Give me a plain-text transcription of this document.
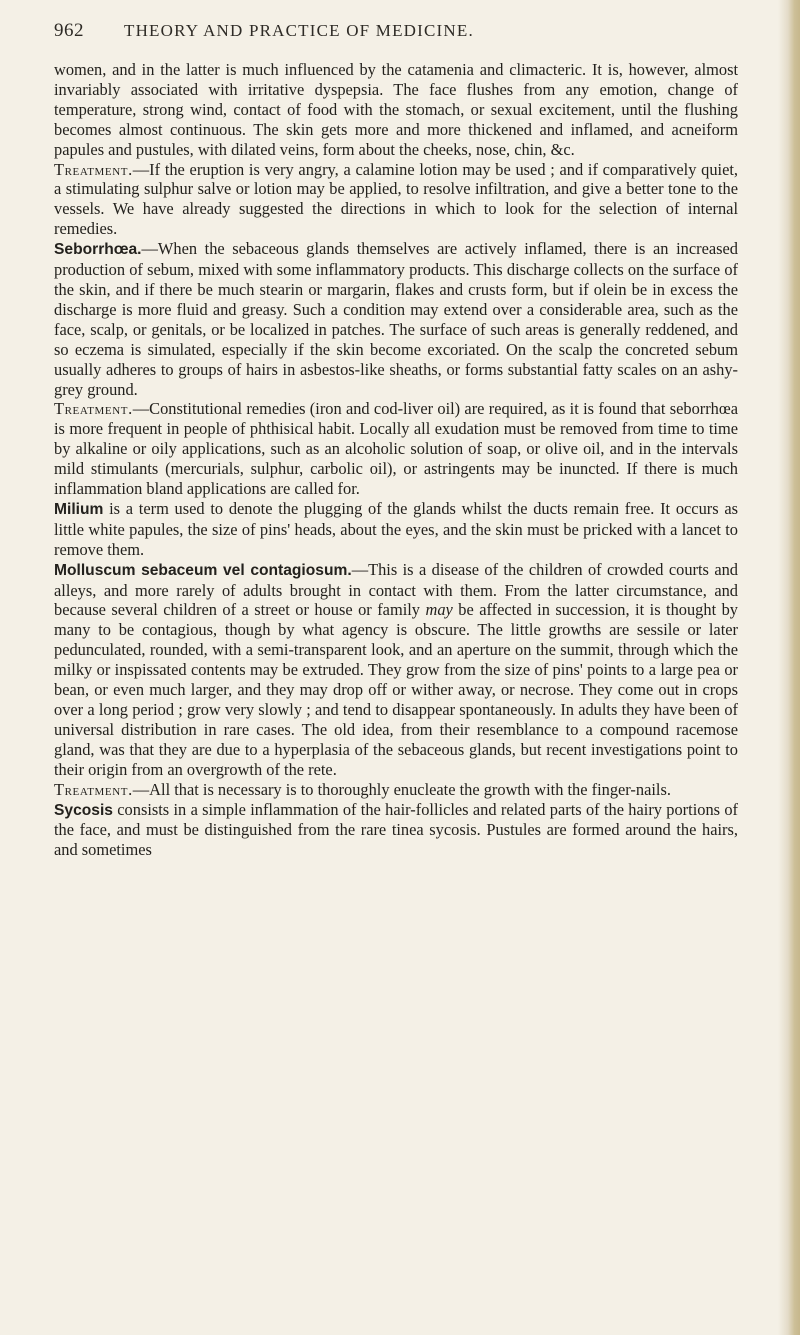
962 THEORY AND PRACTICE OF MEDICINE.

women, and in the latter is much influenced by the catamenia and climacteric. It is, however, almost invariably associated with irritative dyspepsia. The face flushes from any emotion, change of temperature, strong wind, contact of food with the stomach, or sexual excitement, until the flushing becomes almost continuous. The skin gets more and more thickened and inflamed, and acneiform papules and pustules, with dilated veins, form about the cheeks, nose, chin, &c.

Treatment.—If the eruption is very angry, a calamine lotion may be used ; and if comparatively quiet, a stimulating sulphur salve or lotion may be applied, to resolve infiltration, and give a better tone to the vessels. We have already suggested the directions in which to look for the selection of internal remedies.

Seborrhœa.—When the sebaceous glands themselves are actively inflamed, there is an increased production of sebum, mixed with some inflammatory products. This discharge collects on the surface of the skin, and if there be much stearin or margarin, flakes and crusts form, but if olein be in excess the discharge is more fluid and greasy. Such a condition may extend over a considerable area, such as the face, scalp, or genitals, or be localized in patches. The surface of such areas is generally reddened, and so eczema is simulated, especially if the skin become excoriated. On the scalp the concreted sebum usually adheres to groups of hairs in asbestos-like sheaths, or forms substantial fatty scales on an ashy-grey ground.

Treatment.—Constitutional remedies (iron and cod-liver oil) are required, as it is found that seborrhœa is more frequent in people of phthisical habit. Locally all exudation must be removed from time to time by alkaline or oily applications, such as an alcoholic solution of soap, or olive oil, and in the intervals mild stimulants (mercurials, sulphur, carbolic oil), or astringents may be inuncted. If there is much inflammation bland applications are called for.

Milium is a term used to denote the plugging of the glands whilst the ducts remain free. It occurs as little white papules, the size of pins' heads, about the eyes, and the skin must be pricked with a lancet to remove them.

Molluscum sebaceum vel contagiosum.—This is a disease of the children of crowded courts and alleys, and more rarely of adults brought in contact with them. From the latter circumstance, and because several children of a street or house or family may be affected in succession, it is thought by many to be contagious, though by what agency is obscure. The little growths are sessile or later pedunculated, rounded, with a semi-transparent look, and an aperture on the summit, through which the milky or inspissated contents may be extruded. They grow from the size of pins' points to a large pea or bean, or even much larger, and they may drop off or wither away, or necrose. They come out in crops over a long period ; grow very slowly ; and tend to disappear spontaneously. In adults they have been of universal distribution in rare cases. The old idea, from their resemblance to a compound racemose gland, was that they are due to a hyperplasia of the sebaceous glands, but recent investigations point to their origin from an overgrowth of the rete.

Treatment.—All that is necessary is to thoroughly enucleate the growth with the finger-nails.

Sycosis consists in a simple inflammation of the hair-follicles and related parts of the hairy portions of the face, and must be distinguished from the rare tinea sycosis. Pustules are formed around the hairs, and sometimes
